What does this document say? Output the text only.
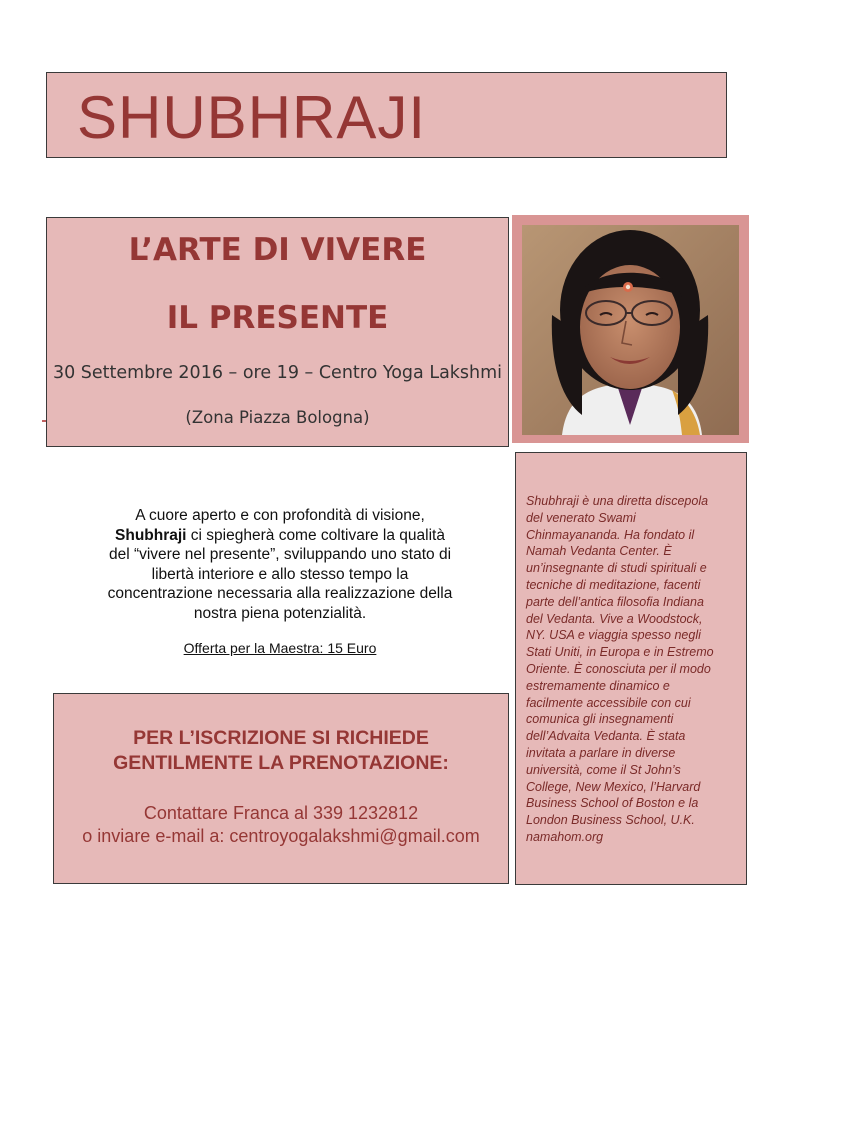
SHUBHRAJI
L’ARTE DI VIVERE
IL PRESENTE
30 Settembre 2016 – ore 19 – Centro Yoga Lakshmi
(Zona Piazza Bologna)
A cuore aperto e con profondità di visione,
Shubhraji ci spiegherà come coltivare la qualità
del “vivere nel presente”, sviluppando uno stato di
libertà interiore e allo stesso tempo la
concentrazione necessaria alla realizzazione della
nostra piena potenzialità.
Offerta per la Maestra: 15 Euro
PER L’ISCRIZIONE SI RICHIEDE
GENTILMENTE LA PRENOTAZIONE:
Contattare Franca al 339 1232812
o inviare e-mail a: centroyogalakshmi@gmail.com
Shubhraji è una diretta discepola
del venerato Swami
Chinmayananda. Ha fondato il
Namah Vedanta Center. È
un’insegnante di studi spirituali e
tecniche di meditazione, facenti
parte dell’antica filosofia Indiana
del Vedanta. Vive a Woodstock,
NY. USA e viaggia spesso negli
Stati Uniti, in Europa e in Estremo
Oriente. È conosciuta per il modo
estremamente dinamico e
facilmente accessibile con cui
comunica gli insegnamenti
dell’Advaita Vedanta. È stata
invitata a parlare in diverse
università, come il St John’s
College, New Mexico, l’Harvard
Business School of Boston e la
London Business School, U.K.
namahom.org
